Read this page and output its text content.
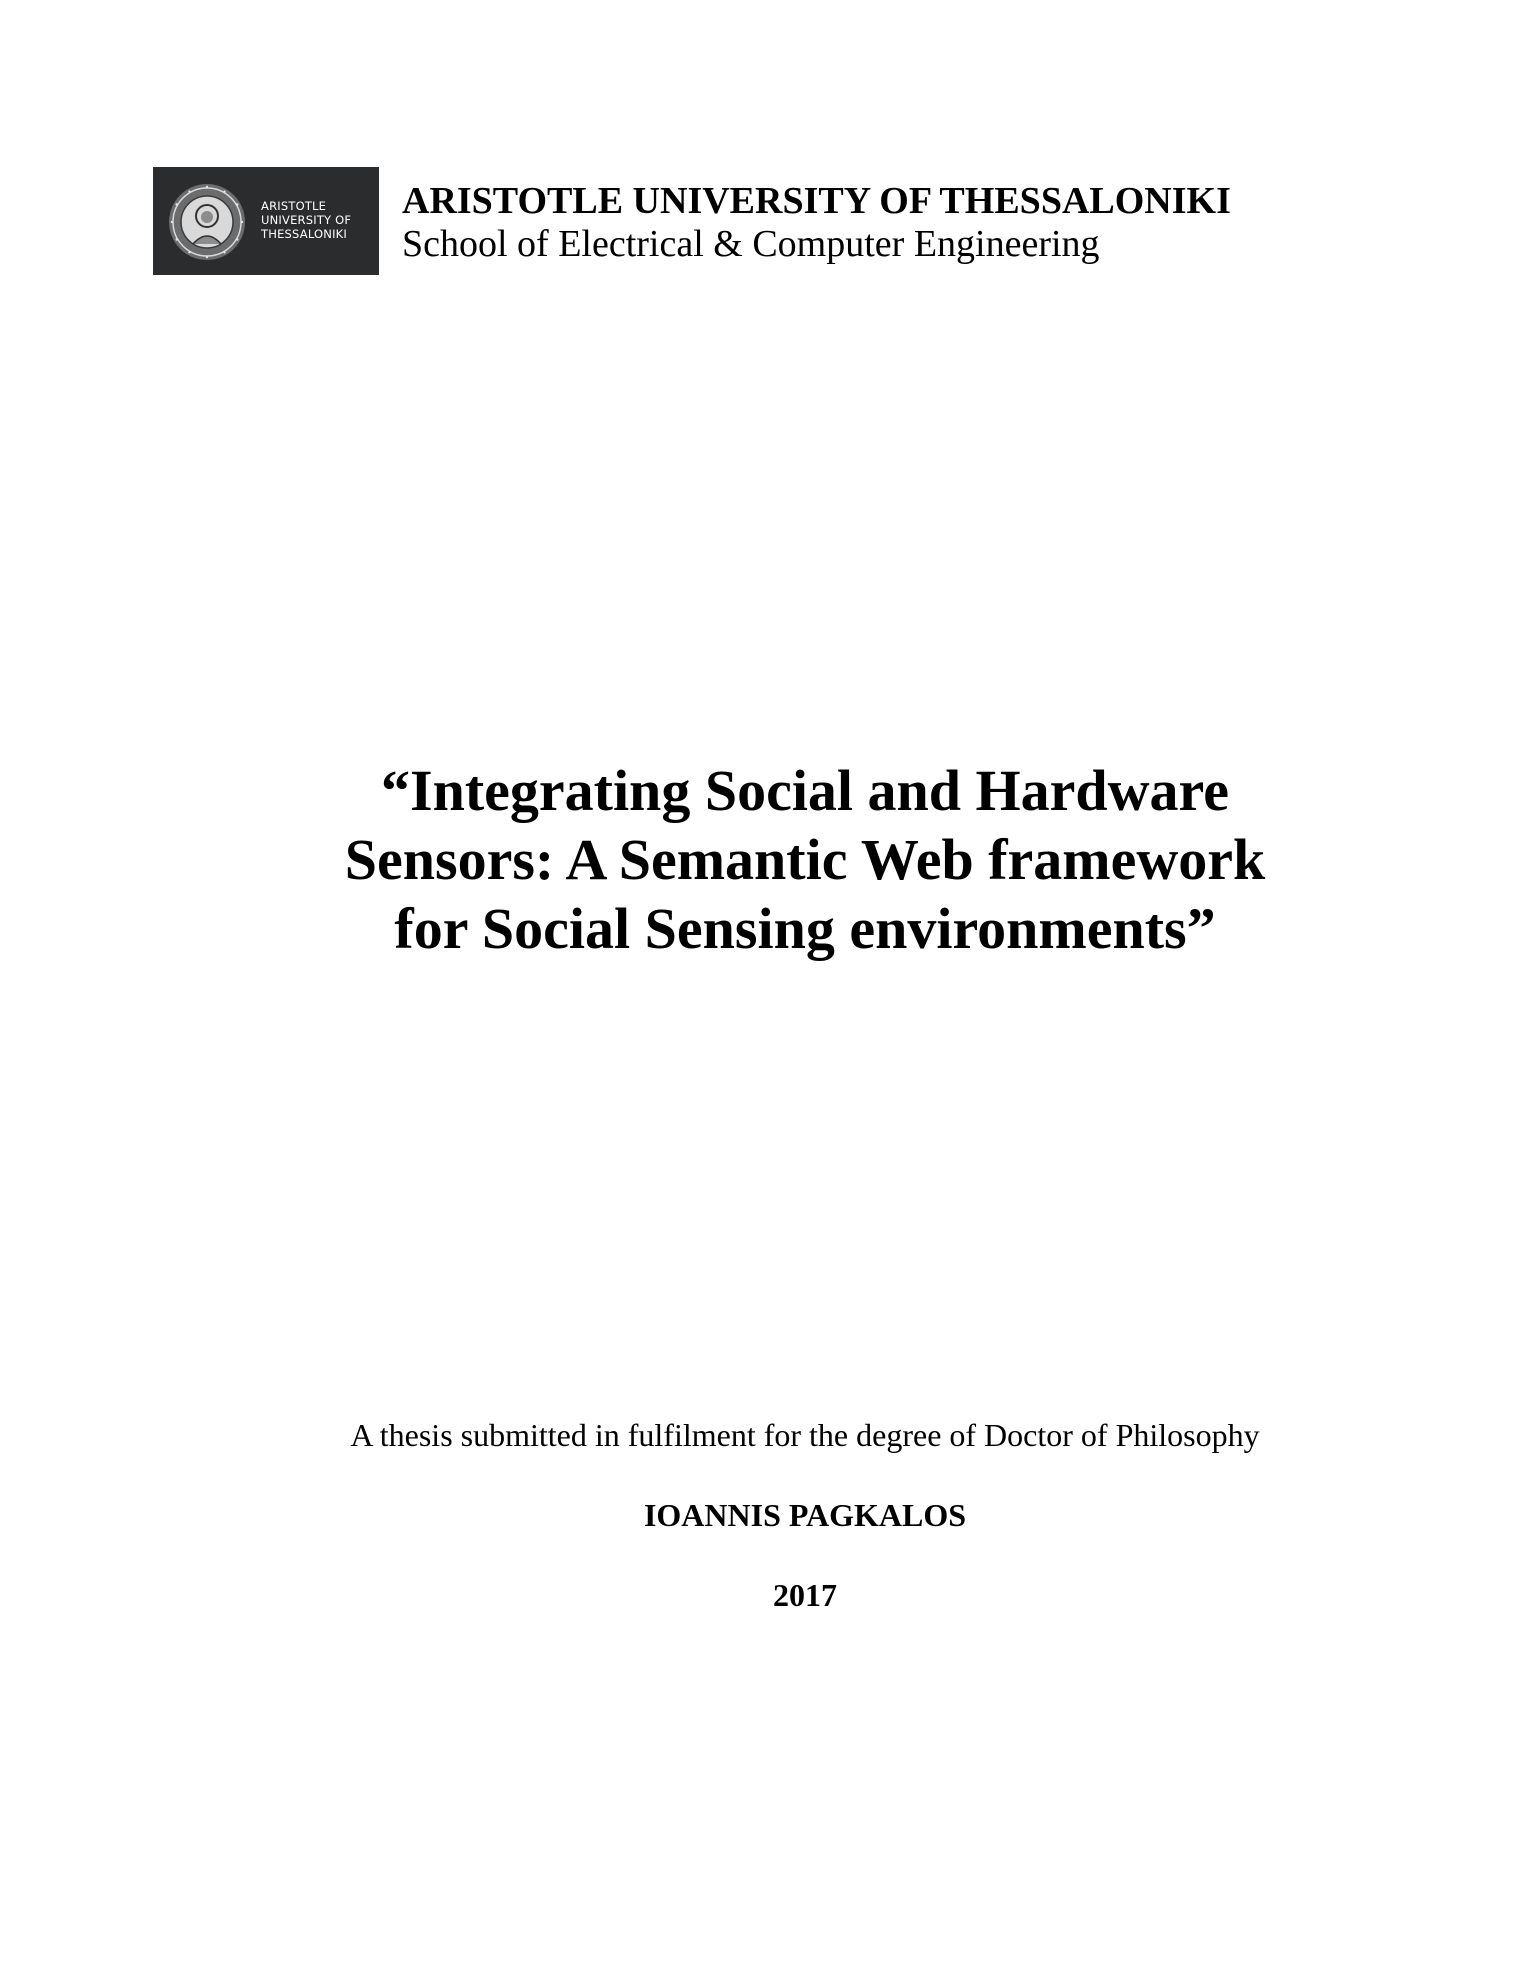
ARISTOTLE
UNIVERSITY OF
THESSALONIKI
ARISTOTLE UNIVERSITY OF THESSALONIKI
School of Electrical & Computer Engineering
“Integrating Social and Hardware
Sensors: A Semantic Web framework
for Social Sensing environments”
A thesis submitted in fulfilment for the degree of Doctor of Philosophy
IOANNIS PAGKALOS
2017
